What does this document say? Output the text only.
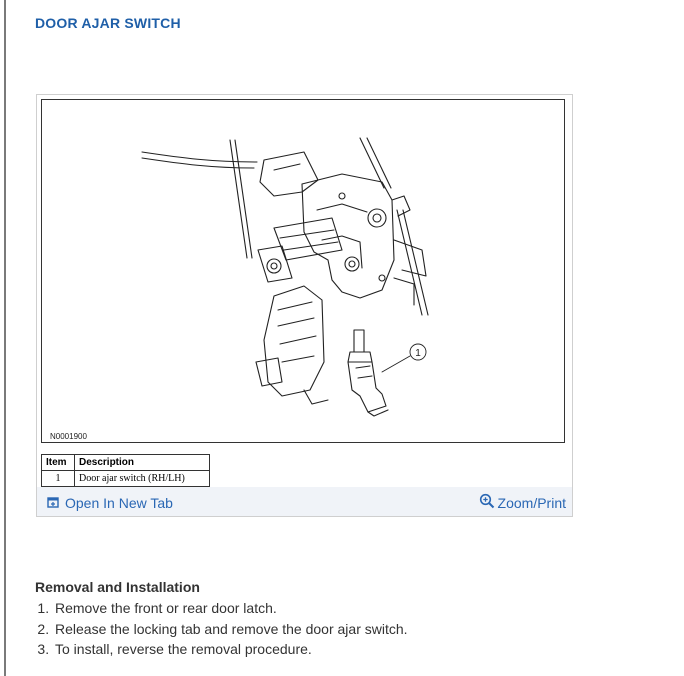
DOOR AJAR SWITCH
1
N0001900
Item	Description
1	Door ajar switch (RH/LH)
Open In New Tab	Zoom/Print
Removal and Installation
1. Remove the front or rear door latch.
2. Release the locking tab and remove the door ajar switch.
3. To install, reverse the removal procedure.
